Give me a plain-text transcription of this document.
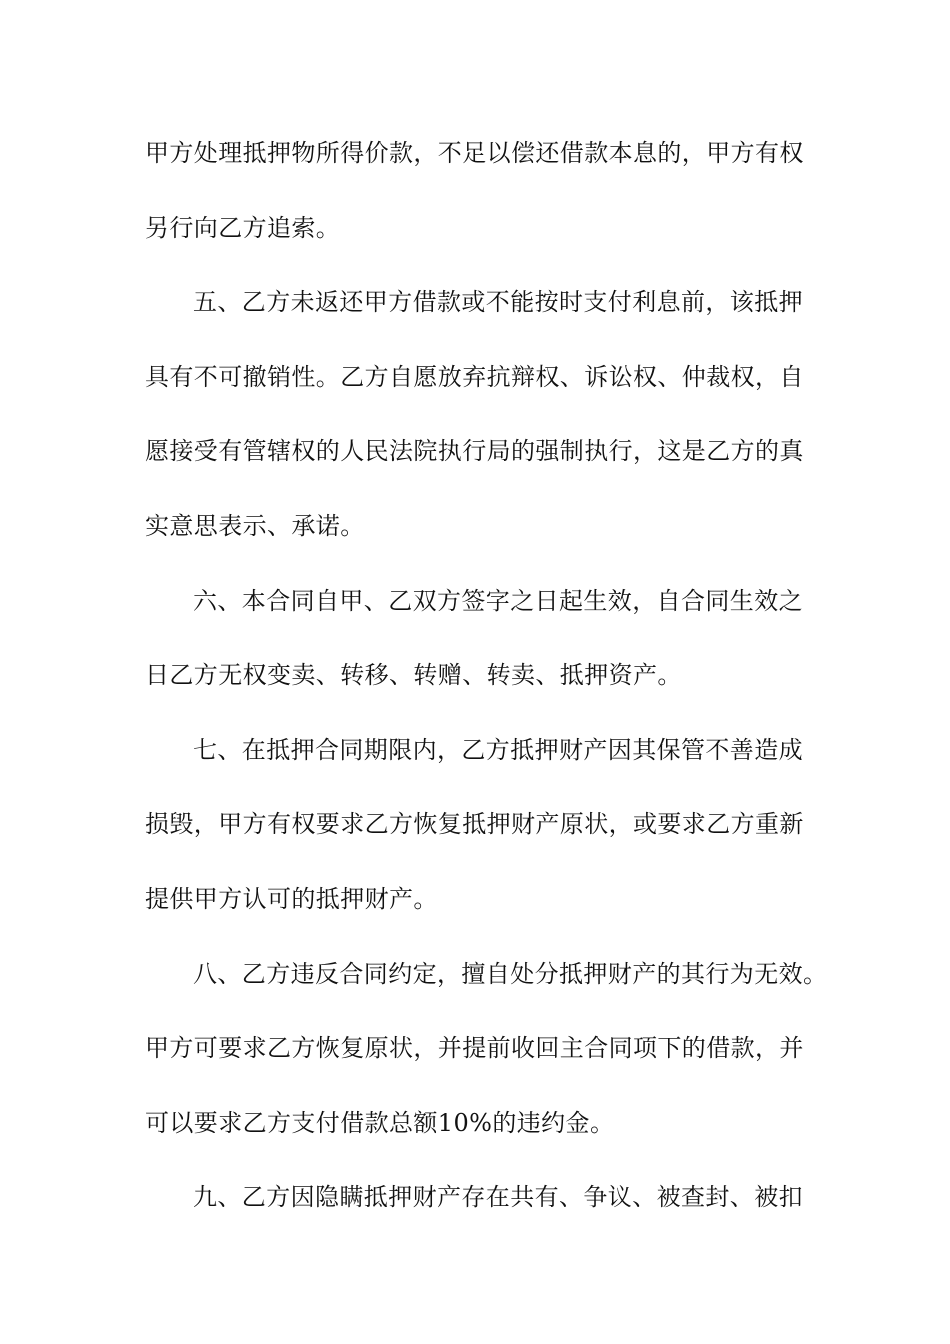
甲方处理抵押物所得价款，不足以偿还借款本息的，甲方有权
另行向乙方追索。
五、乙方未返还甲方借款或不能按时支付利息前，该抵押
具有不可撤销性。乙方自愿放弃抗辩权、诉讼权、仲裁权，自
愿接受有管辖权的人民法院执行局的强制执行，这是乙方的真
实意思表示、承诺。
六、本合同自甲、乙双方签字之日起生效，自合同生效之
日乙方无权变卖、转移、转赠、转卖、抵押资产。
七、在抵押合同期限内，乙方抵押财产因其保管不善造成
损毁，甲方有权要求乙方恢复抵押财产原状，或要求乙方重新
提供甲方认可的抵押财产。
八、乙方违反合同约定，擅自处分抵押财产的其行为无效。
甲方可要求乙方恢复原状，并提前收回主合同项下的借款，并
可以要求乙方支付借款总额10%的违约金。
九、乙方因隐瞒抵押财产存在共有、争议、被查封、被扣
